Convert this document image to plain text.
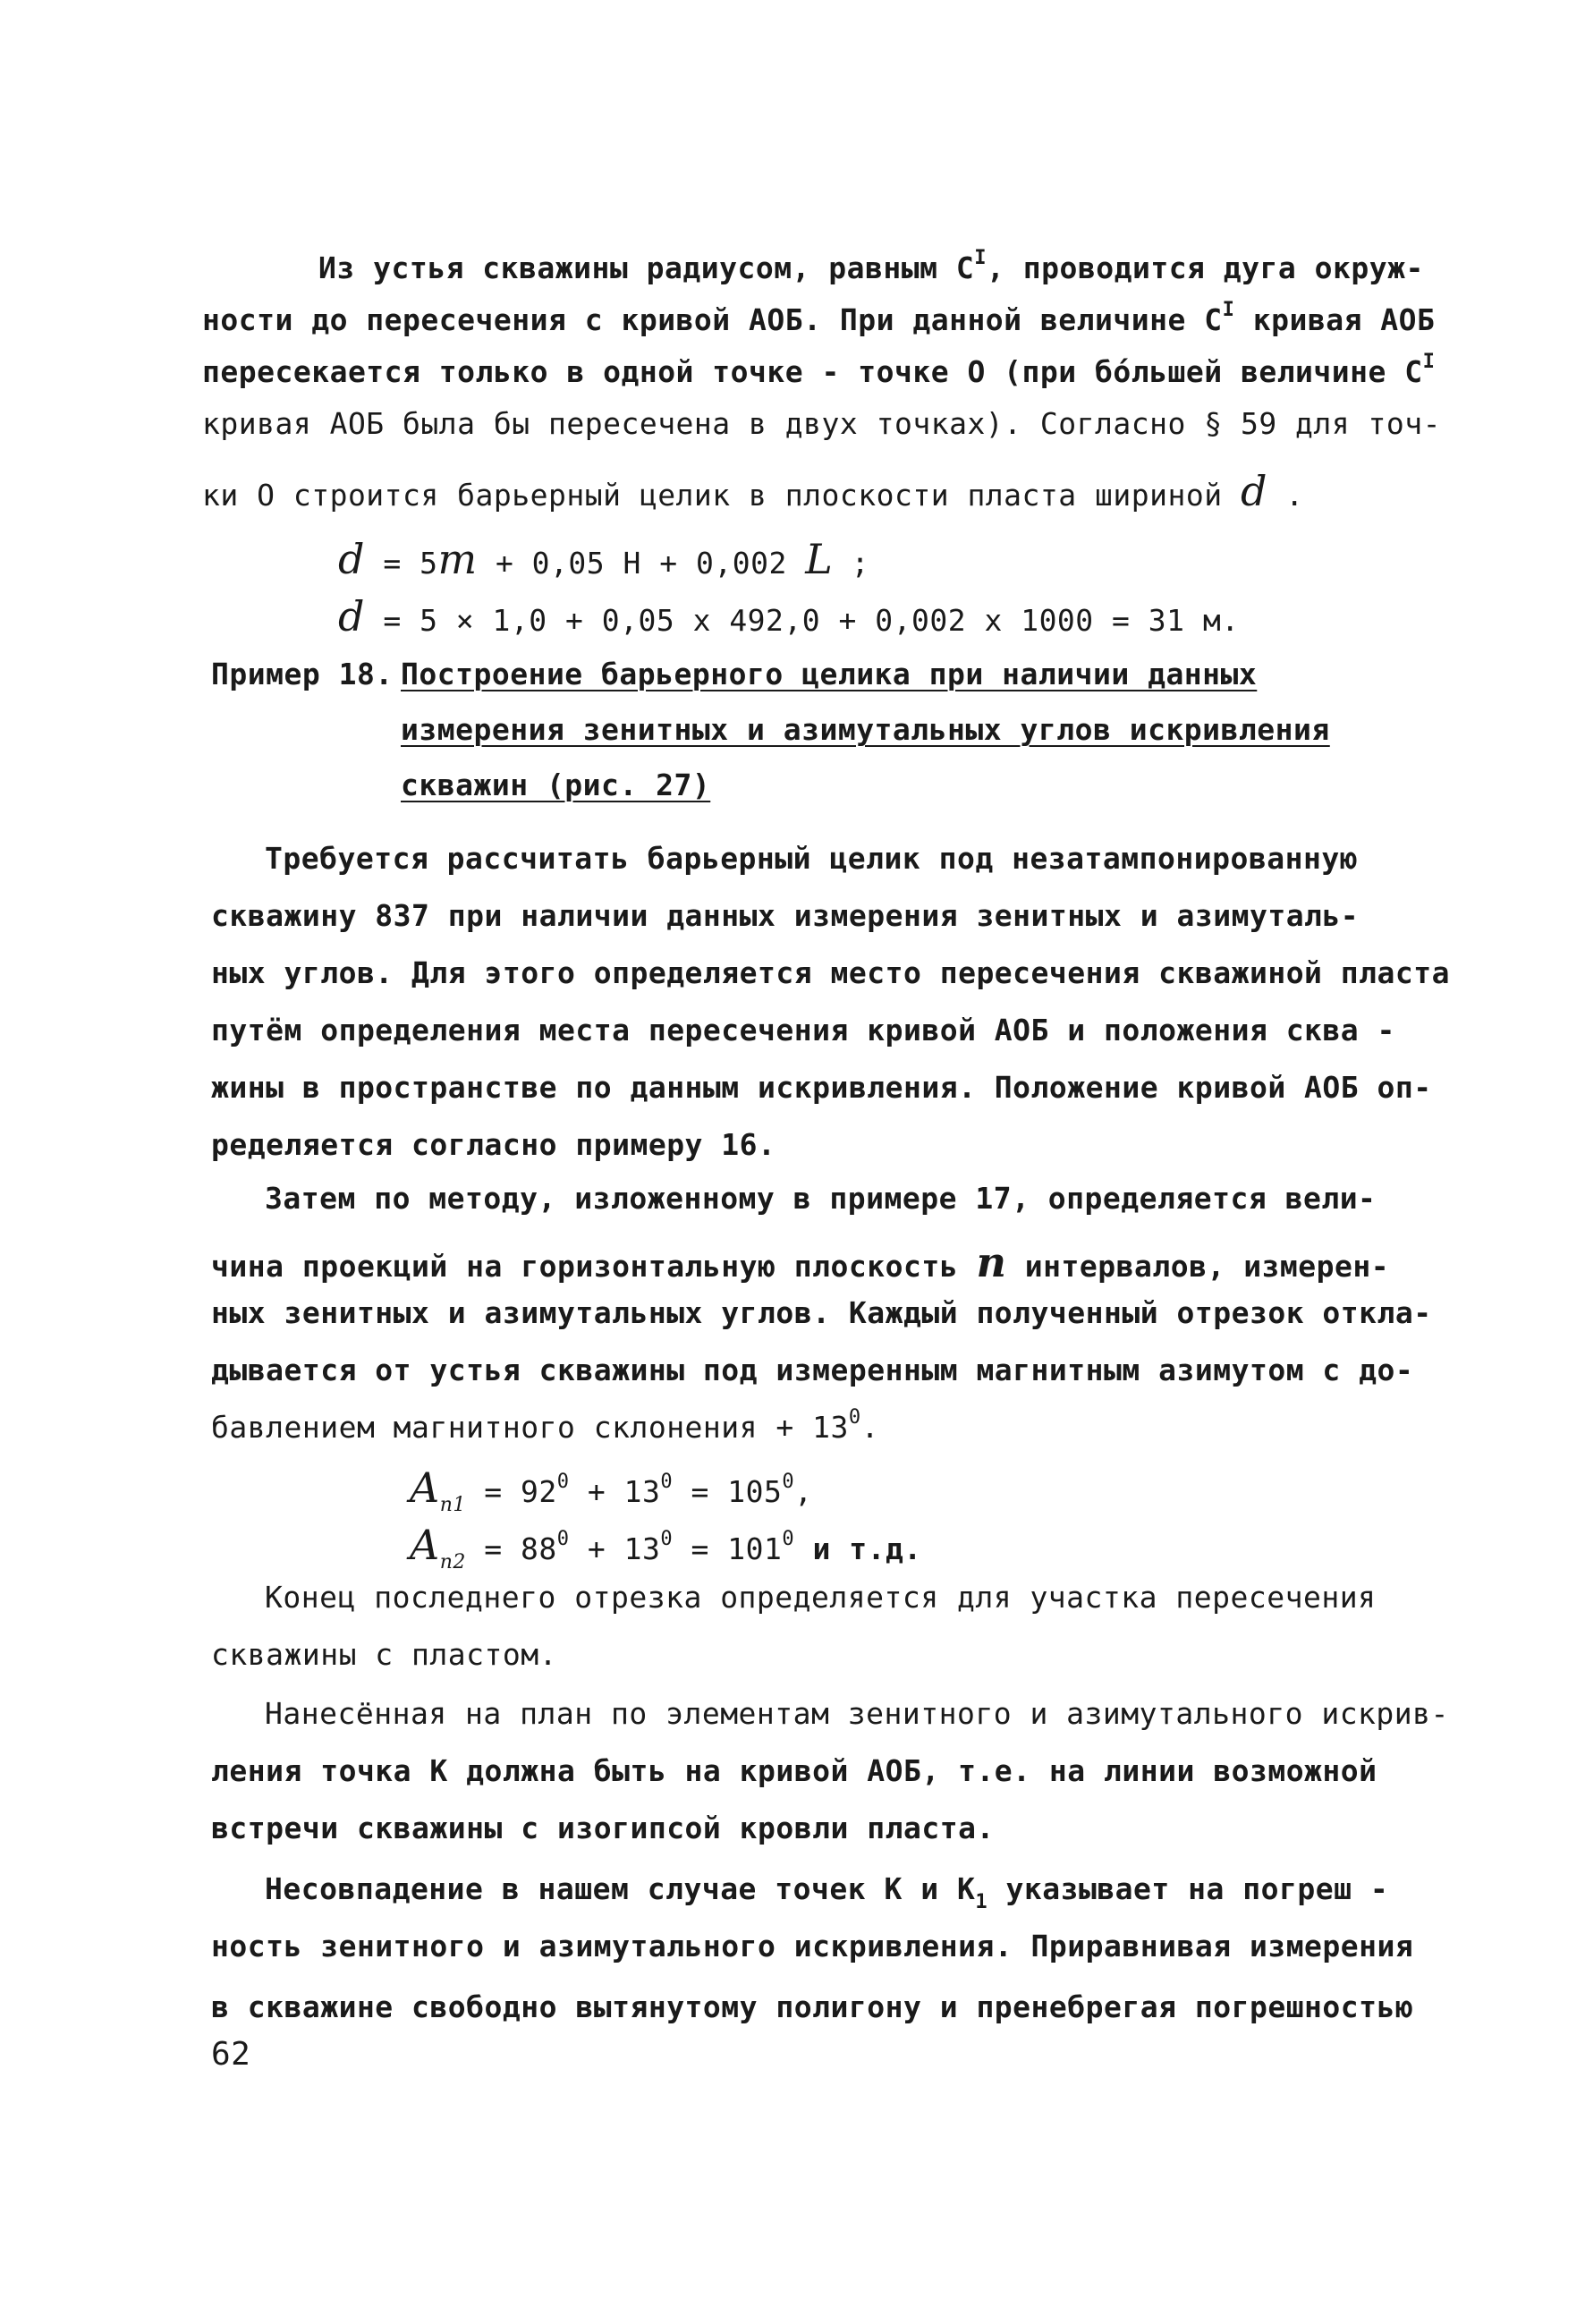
Из устья скважины радиусом, равным $С^I$, проводится дуга окруж-
ности до пересечения с кривой АОБ. При данной величине $С^I$ кривая АОБ
пересекается только в одной точке - точке О (при бо́льшей величине $С^I$
кривая АОБ была бы пересечена в двух точках). Согласно § 59 для точ-
ки О строится барьерный целик в плоскости пласта шириной d .
d = 5m + 0,05 Н + 0,002 L ;
d = 5 × 1,0 + 0,05 x 492,0 + 0,002 x 1000 = 31 м.
Пример 18. Построение барьерного целика при наличии данных
измерения зенитных и азимутальных углов искривления
скважин (рис. 27)
Требуется рассчитать барьерный целик под незатампонированную
скважину 837 при наличии данных измерения зенитных и азимуталь-
ных углов. Для этого определяется место пересечения скважиной пласта
путём определения места пересечения кривой АОБ и положения сква -
жины в пространстве по данным искривления. Положение кривой АОБ оп-
ределяется согласно примеру 16.
Затем по методу, изложенному в примере 17, определяется вели-
чина проекций на горизонтальную плоскость n интервалов, измерен-
ных зенитных и азимутальных углов. Каждый полученный отрезок откла-
дывается от устья скважины под измеренным магнитным азимутом с до-
бавлением магнитного склонения + $13^0$.
$A_{n1} = 92^0 + 13^0 = 105^0$,
$A_{n2} = 88^0 + 13^0 = 101^0$ и т.д.
Конец последнего отрезка определяется для участка пересечения
скважины с пластом.
Нанесённая на план по элементам зенитного и азимутального искрив-
ления точка К должна быть на кривой АОБ, т.е. на линии возможной
встречи скважины с изогипсой кровли пласта.
Несовпадение в нашем случае точек К и $К_1$ указывает на погреш -
ность зенитного и азимутального искривления. Приравнивая измерения
в скважине свободно вытянутому полигону и пренебрегая погрешностью
62
